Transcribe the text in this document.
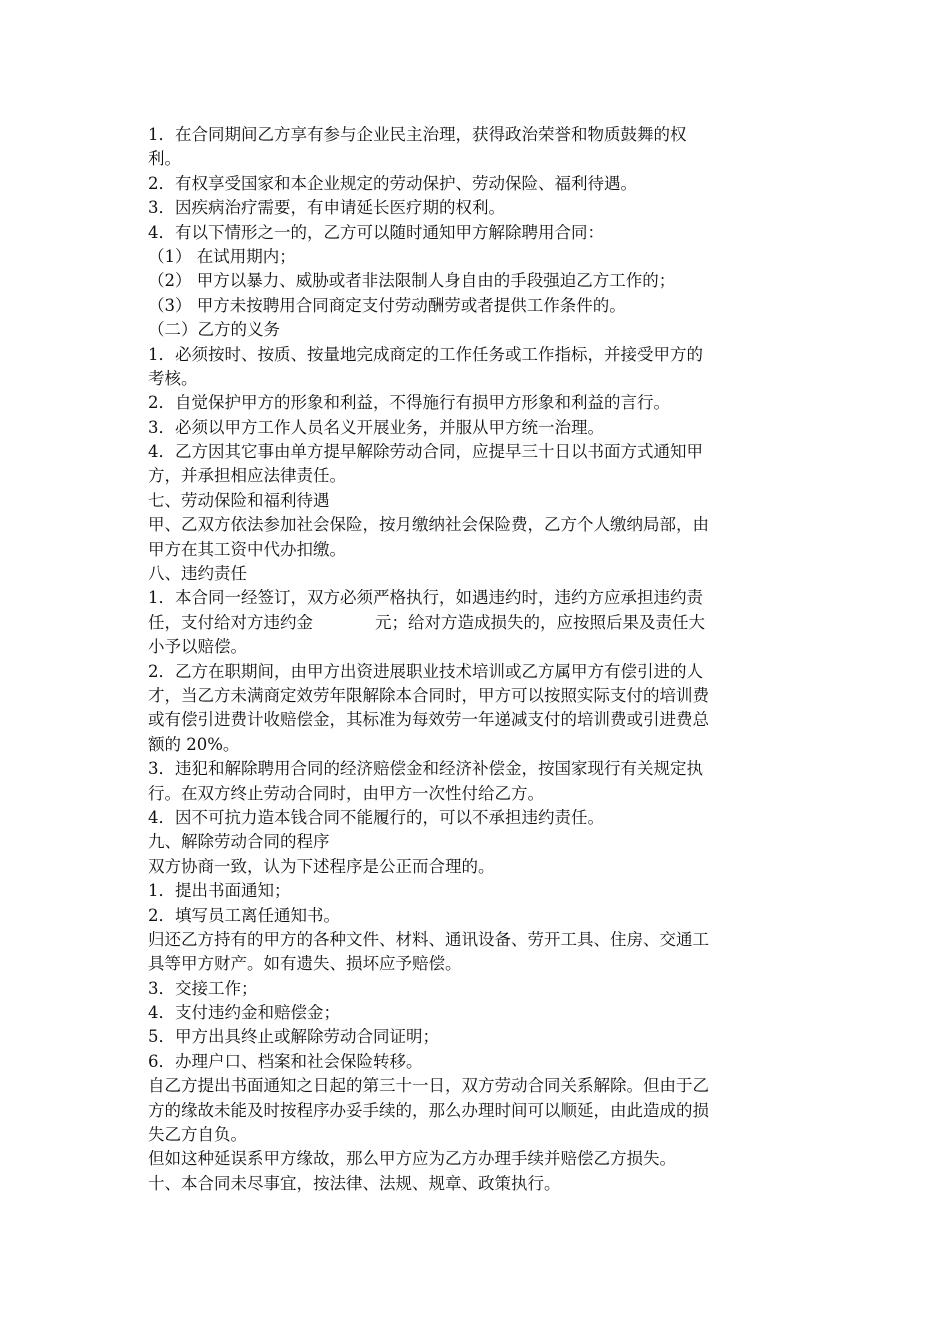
1．在合同期间乙方享有参与企业民主治理，获得政治荣誉和物质鼓舞的权
利。
2．有权享受国家和本企业规定的劳动保护、劳动保险、福利待遇。
3．因疾病治疗需要，有申请延长医疗期的权利。
4．有以下情形之一的，乙方可以随时通知甲方解除聘用合同：
（1） 在试用期内；
（2） 甲方以暴力、威胁或者非法限制人身自由的手段强迫乙方工作的；
（3） 甲方未按聘用合同商定支付劳动酬劳或者提供工作条件的。
（二）乙方的义务
1．必须按时、按质、按量地完成商定的工作任务或工作指标，并接受甲方的
考核。
2．自觉保护甲方的形象和利益，不得施行有损甲方形象和利益的言行。
3．必须以甲方工作人员名义开展业务，并服从甲方统一治理。
4．乙方因其它事由单方提早解除劳动合同，应提早三十日以书面方式通知甲
方，并承担相应法律责任。
七、劳动保险和福利待遇
甲、乙双方依法参加社会保险，按月缴纳社会保险费，乙方个人缴纳局部，由
甲方在其工资中代办扣缴。
八、违约责任
1．本合同一经签订，双方必须严格执行，如遇违约时，违约方应承担违约责
任，支付给对方违约金	元；给对方造成损失的，应按照后果及责任大
小予以赔偿。
2．乙方在职期间，由甲方出资进展职业技术培训或乙方属甲方有偿引进的人
才，当乙方未满商定效劳年限解除本合同时，甲方可以按照实际支付的培训费
或有偿引进费计收赔偿金，其标准为每效劳一年递减支付的培训费或引进费总
额的 20%。
3．违犯和解除聘用合同的经济赔偿金和经济补偿金，按国家现行有关规定执
行。在双方终止劳动合同时，由甲方一次性付给乙方。
4．因不可抗力造本钱合同不能履行的，可以不承担违约责任。
九、解除劳动合同的程序
双方协商一致，认为下述程序是公正而合理的。
1．提出书面通知；
2．填写员工离任通知书。
归还乙方持有的甲方的各种文件、材料、通讯设备、劳开工具、住房、交通工
具等甲方财产。如有遗失、损坏应予赔偿。
3．交接工作；
4．支付违约金和赔偿金；
5．甲方出具终止或解除劳动合同证明；
6．办理户口、档案和社会保险转移。
自乙方提出书面通知之日起的第三十一日，双方劳动合同关系解除。但由于乙
方的缘故未能及时按程序办妥手续的，那么办理时间可以顺延，由此造成的损
失乙方自负。
但如这种延误系甲方缘故，那么甲方应为乙方办理手续并赔偿乙方损失。
十、本合同未尽事宜，按法律、法规、规章、政策执行。
